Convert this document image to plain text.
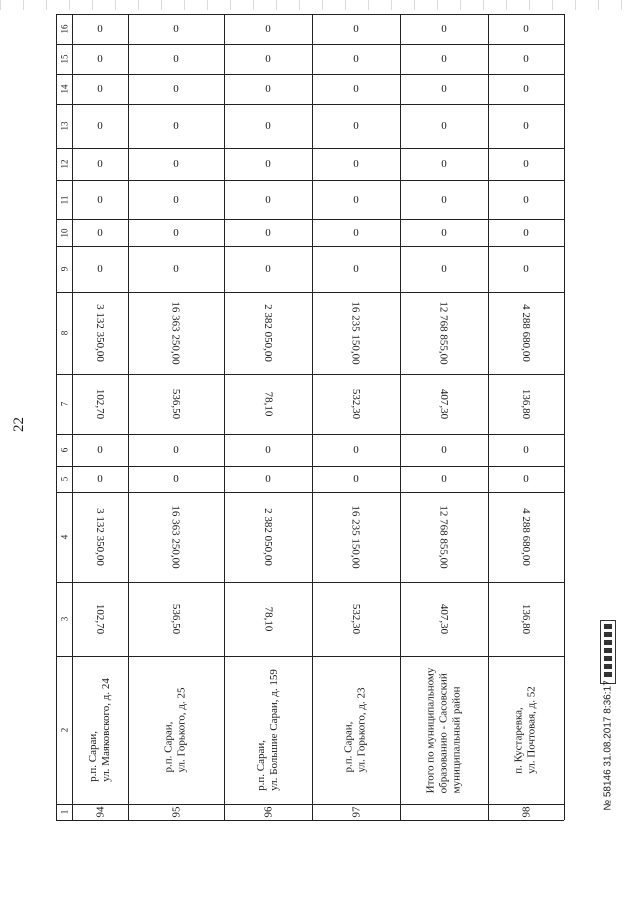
22
16
15
14
13
12
11
10
9
8
7
6
5
4
3
2
1
0
0
0
0
0
0
0
0
3 132 350,00
102,70
0
0
3 132 350,00
102,70
р.п. Сараи,
ул. Маяковского, д. 24
94
0
0
0
0
0
0
0
0
16 363 250,00
536,50
0
0
16 363 250,00
536,50
р.п. Сараи,
ул. Горького, д. 25
95
0
0
0
0
0
0
0
0
2 382 050,00
78,10
0
0
2 382 050,00
78,10
р.п. Сараи,
ул. Большие Сараи, д. 159
96
0
0
0
0
0
0
0
0
16 235 150,00
532,30
0
0
16 235 150,00
532,30
р.п. Сараи,
ул. Горького, д. 23
97
0
0
0
0
0
0
0
0
12 768 855,00
407,30
0
0
12 768 855,00
407,30
Итого по муниципальному
образованию - Сасовский
муниципальный район
0
0
0
0
0
0
0
0
4 288 680,00
136,80
0
0
4 288 680,00
136,80
п. Кустаревка,
ул. Почтовая, д. 52
98
№ 58146 31.08.2017 8:36:17
